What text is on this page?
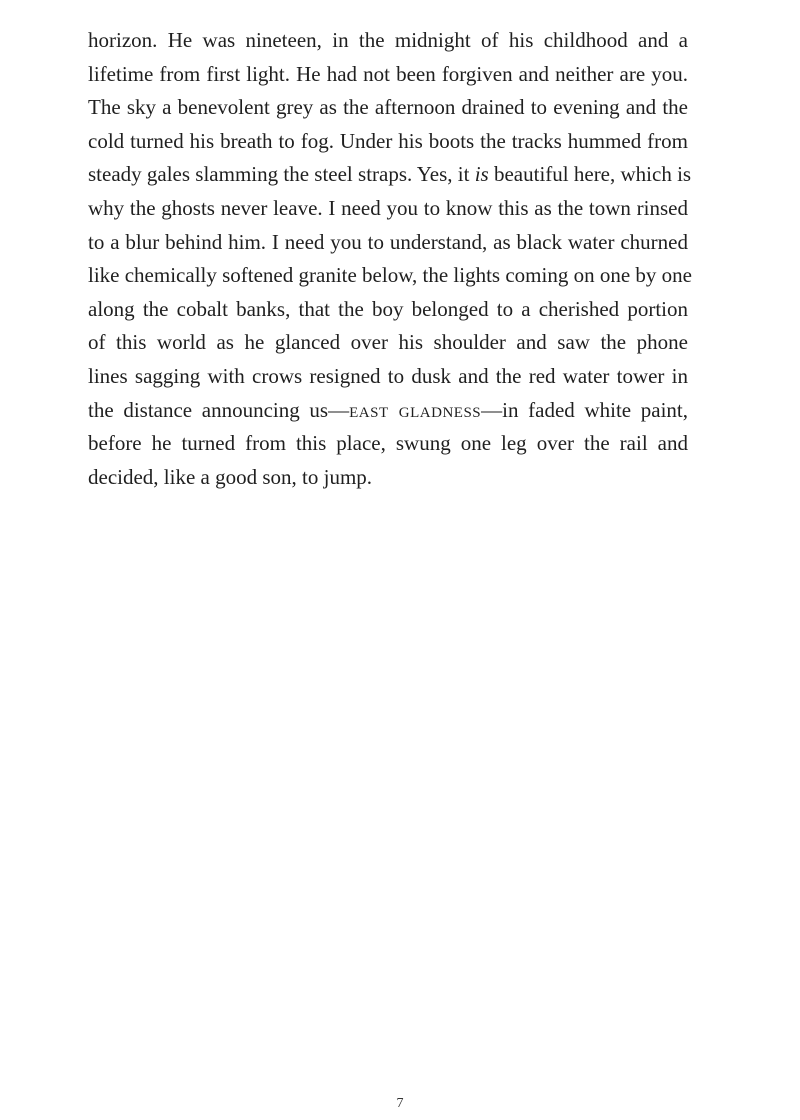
horizon. He was nineteen, in the midnight of his childhood and a
lifetime from first light. He had not been forgiven and neither are you.
The sky a benevolent grey as the afternoon drained to evening and the
cold turned his breath to fog. Under his boots the tracks hummed from
steady gales slamming the steel straps. Yes, it is beautiful here, which is
why the ghosts never leave. I need you to know this as the town rinsed
to a blur behind him. I need you to understand, as black water churned
like chemically softened granite below, the lights coming on one by one
along the cobalt banks, that the boy belonged to a cherished portion
of this world as he glanced over his shoulder and saw the phone
lines sagging with crows resigned to dusk and the red water tower in
the distance announcing us—east gladness—in faded white paint,
before he turned from this place, swung one leg over the rail and
decided, like a good son, to jump.

7
